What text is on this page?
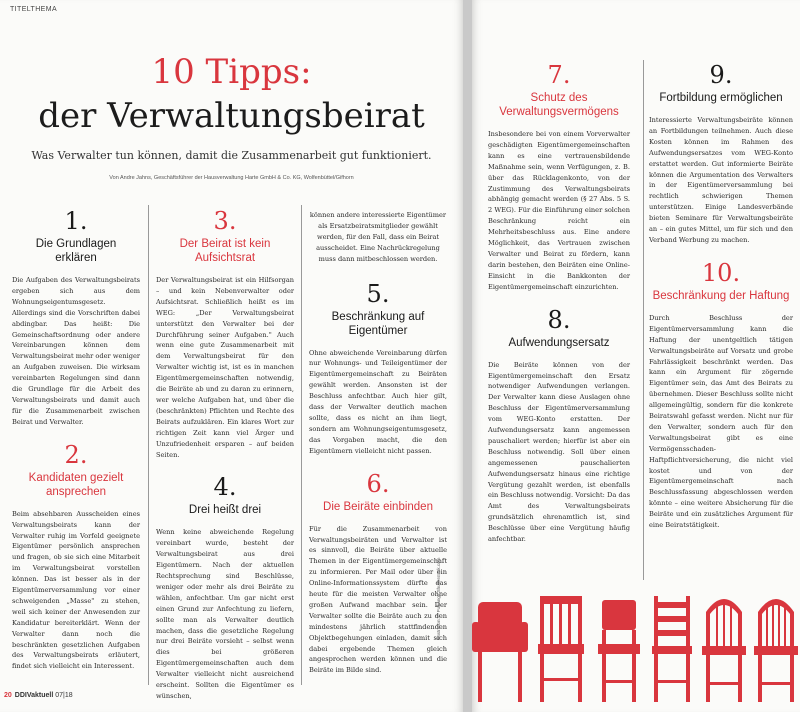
TITELTHEMA
10 Tipps:
der Verwaltungsbeirat
Was Verwalter tun können, damit die Zusammenarbeit gut funktioniert.
Von Andre Jahns, Geschäftsführer der Hausverwaltung Harte GmbH & Co. KG, Wolfenbüttel/Gifhorn
1.
Die Grundlagen erklären
Die Aufgaben des Verwaltungsbeirats ergeben sich aus dem Wohnungseigentumsgesetz. Allerdings sind die Vorschriften dabei abdingbar. Das heißt: Die Gemeinschaftsordnung oder andere Vereinbarungen können dem Verwaltungsbeirat mehr oder weniger an Aufgaben zuweisen. Die wirksam vereinbarten Regelungen sind dann die Grundlage für die Arbeit des Verwaltungsbeirats und damit auch für die Zusammenarbeit zwischen Beirat und Verwalter.
2.
Kandidaten gezielt ansprechen
Beim absehbaren Ausscheiden eines Verwaltungsbeirats kann der Verwalter ruhig im Vorfeld geeignete Eigentümer persönlich ansprechen und fragen, ob sie sich eine Mitarbeit im Verwaltungsbeirat vorstellen können. Das ist besser als in der Eigentümerversammlung vor einer schweigenden „Masse" zu stehen, weil sich keiner der Anwesenden zur Kandidatur bereiterklärt. Wenn der Verwalter dann noch die beschränkten gesetzlichen Aufgaben des Verwaltungsbeirats erläutert, findet sich vielleicht ein Interessent.
3.
Der Beirat ist kein Aufsichtsrat
Der Verwaltungsbeirat ist ein Hilfsorgan – und kein Nebenverwalter oder Aufsichtsrat. Schließlich heißt es im WEG: „Der Verwaltungsbeirat unterstützt den Verwalter bei der Durchführung seiner Aufgaben." Auch wenn eine gute Zusammenarbeit mit dem Verwaltungsbeirat für den Verwalter wichtig ist, ist es in manchen Eigentümergemeinschaften notwendig, die Beiräte ab und zu daran zu erinnern, wer welche Aufgaben hat, und über die (beschränkten) Pflichten und Rechte des Beirats aufzuklären. Ein klares Wort zur richtigen Zeit kann viel Ärger und Unzufriedenheit ersparen – auf beiden Seiten.
4.
Drei heißt drei
Wenn keine abweichende Regelung vereinbart wurde, besteht der Verwaltungsbeirat aus drei Eigentümern. Nach der aktuellen Rechtsprechung sind Beschlüsse, weniger oder mehr als drei Beiräte zu wählen, anfechtbar. Um gar nicht erst einen Grund zur Anfechtung zu liefern, sollte man als Verwalter deutlich machen, dass die gesetzliche Regelung nur drei Beiräte vorsieht – selbst wenn dies bei größeren Eigentümergemeinschaften auch dem Verwalter vielleicht nicht ausreichend erscheint. Sollten die Eigentümer es wünschen,
können andere interessierte Eigentümer als Ersatzbeiratsmitglieder gewählt werden, für den Fall, dass ein Beirat ausscheidet. Eine Nachrückregelung muss dann mitbeschlossen werden.
5.
Beschränkung auf Eigentümer
Ohne abweichende Vereinbarung dürfen nur Wohnungs- und Teileigentümer der Eigentümergemeinschaft zu Beiräten gewählt werden. Ansonsten ist der Beschluss anfechtbar. Auch hier gilt, dass der Verwalter deutlich machen sollte, dass es nicht an ihm liegt, sondern am Wohnungseigentumsgesetz, das Vorgaben macht, die den Eigentümern vielleicht nicht passen.
6.
Die Beiräte einbinden
Für die Zusammenarbeit von Verwaltungsbeiräten und Verwalter ist es sinnvoll, die Beiräte über aktuelle Themen in der Eigentümergemeinschaft zu informieren. Per Mail oder über ein Online-Informationssystem dürfte das heute für die meisten Verwalter ohne großen Aufwand machbar sein. Der Verwalter sollte die Beiräte auch zu den mindestens jährlich stattfindenden Objektbegehungen einladen, damit sich dabei ergebende Themen gleich angesprochen werden können und die Beiräte im Bilde sind.
20 DDIVaktuell 07|18
Illustration: © Pulkang / Shutterstock.com
7.
Schutz des Verwaltungsvermögens
Insbesondere bei von einem Vorverwalter geschädigten Eigentümergemeinschaften kann es eine vertrauensbildende Maßnahme sein, wenn Verfügungen, z. B. über das Rücklagenkonto, von der Zustimmung des Verwaltungsbeirats abhängig gemacht werden (§ 27 Abs. 5 S. 2 WEG). Für die Einführung einer solchen Beschränkung reicht ein Mehrheitsbeschluss aus. Eine andere Möglichkeit, das Vertrauen zwischen Verwalter und Beirat zu fördern, kann darin bestehen, den Beiräten eine Online-Einsicht in die Bankkonten der Eigentümergemeinschaft einzurichten.
8.
Aufwendungsersatz
Die Beiräte können von der Eigentümergemeinschaft den Ersatz notwendiger Aufwendungen verlangen. Der Verwalter kann diese Auslagen ohne Beschluss der Eigentümerversammlung vom WEG-Konto erstatten. Der Aufwendungsersatz kann angemessen pauschaliert werden; hierfür ist aber ein Beschluss notwendig. Soll über einen angemessenen pauschalierten Aufwendungsersatz hinaus eine richtige Vergütung gezahlt werden, ist ebenfalls ein Beschluss notwendig. Vorsicht: Da das Amt des Verwaltungsbeirats grundsätzlich ehrenamtlich ist, sind Beschlüsse über eine Vergütung häufig anfechtbar.
9.
Fortbildung ermöglichen
Interessierte Verwaltungsbeiräte können an Fortbildungen teilnehmen. Auch diese Kosten können im Rahmen des Aufwendungsersatzes vom WEG-Konto erstattet werden. Gut informierte Beiräte können die Argumentation des Verwalters in der Eigentümerversammlung bei rechtlich schwierigen Themen unterstützen. Einige Landesverbände bieten Seminare für Verwaltungsbeiräte an – ein gutes Mittel, um für sich und den Verband Werbung zu machen.
10.
Beschränkung der Haftung
Durch Beschluss der Eigentümerversammlung kann die Haftung der unentgeltlich tätigen Verwaltungsbeiräte auf Vorsatz und grobe Fahrlässigkeit beschränkt werden. Das kann ein Argument für zögernde Eigentümer sein, das Amt des Beirats zu übernehmen. Dieser Beschluss sollte nicht allgemeingültig, sondern für die konkrete Beiratswahl gefasst werden. Nicht nur für den Verwalter, sondern auch für den Verwaltungsbeirat gibt es eine Vermögensschaden-Haftpflichtversicherung, die nicht viel kostet und von der Eigentümergemeinschaft nach Beschlussfassung abgeschlossen werden könnte – eine weitere Absicherung für die Beiräte und ein zusätzliches Argument für eine Beiratstätigkeit.
